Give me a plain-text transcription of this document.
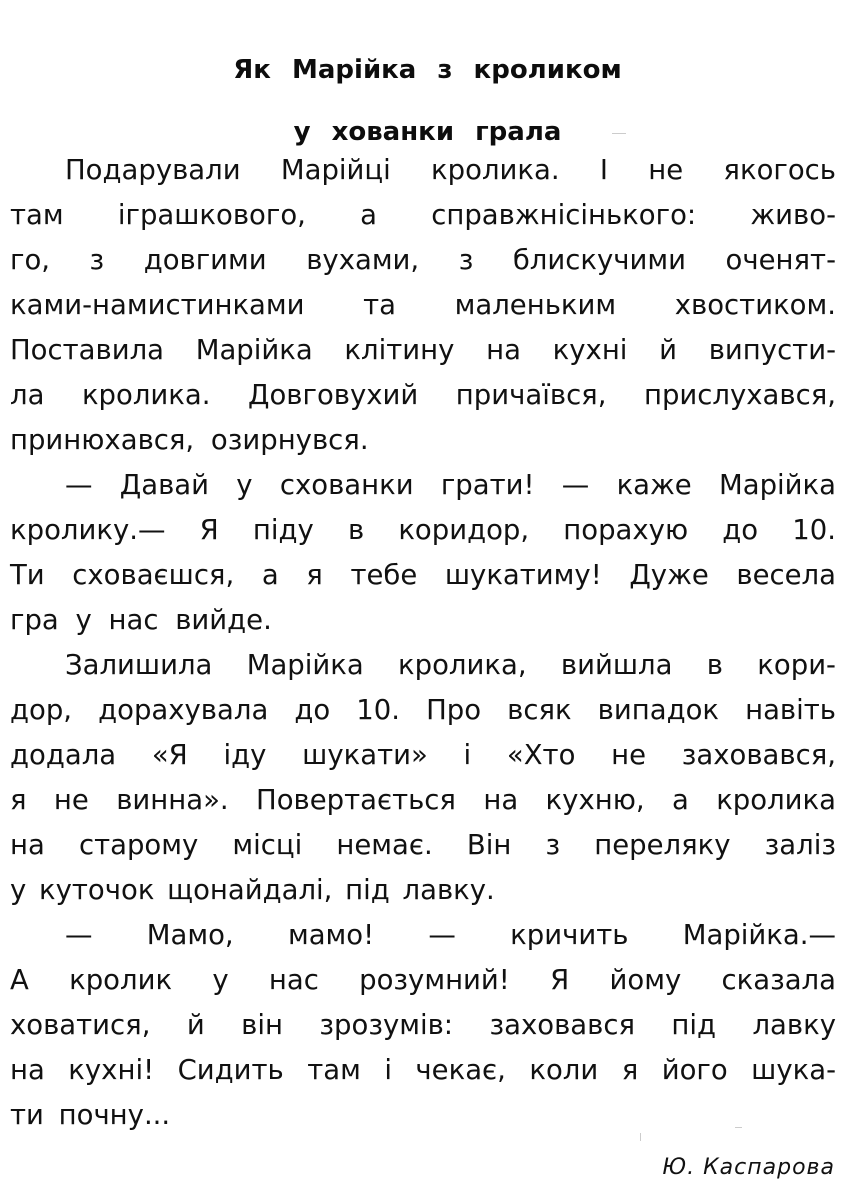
Як Марійка з кроликом
у хованки грала
Подарували Марійці кролика. І не якогось
там іграшкового, а справжнісінького: живо-
го, з довгими вухами, з блискучими оченят-
ками-намистинками та маленьким хвостиком.
Поставила Марійка клітину на кухні й випусти-
ла кролика. Довговухий причаївся, прислухався,
принюхався, озирнувся.
— Давай у схованки грати! — каже Марійка
кролику.— Я піду в коридор, порахую до 10.
Ти сховаєшся, а я тебе шукатиму! Дуже весела
гра у нас вийде.
Залишила Марійка кролика, вийшла в кори-
дор, дорахувала до 10. Про всяк випадок навіть
додала «Я іду шукати» і «Хто не заховався,
я не винна». Повертається на кухню, а кролика
на старому місці немає. Він з переляку заліз
у куточок щонайдалі, під лавку.
— Мамо, мамо! — кричить Марійка.—
А кролик у нас розумний! Я йому сказала
ховатися, й він зрозумів: заховався під лавку
на кухні! Сидить там і чекає, коли я його шука-
ти почну...
Ю. Каспарова
